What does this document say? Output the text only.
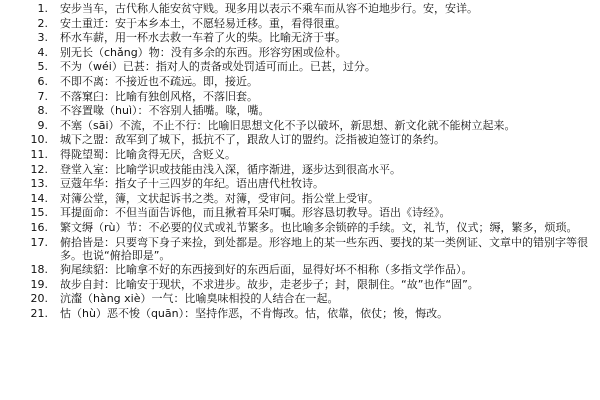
1. 安步当车，古代称人能安贫守贱。现多用以表示不乘车而从容不迫地步行。安，安详。
2. 安土重迁：安于本乡本土，不愿轻易迁移。重，看得很重。
3. 杯水车薪，用一杯水去救一车着了火的柴。比喻无济于事。
4. 别无长（chǎng）物：没有多余的东西。形容穷困或俭朴。
5. 不为（wéi）已甚：指对人的责备或处罚适可而止。已甚，过分。
6. 不即不离：不接近也不疏远。即，接近。
7. 不落窠臼：比喻有独创风格，不落旧套。
8. 不容置喙（huì）：不容别人插嘴。喙，嘴。
9. 不塞（sāi）不流，不止不行：比喻旧思想文化不予以破坏，新思想、新文化就不能树立起来。
10. 城下之盟：敌军到了城下，抵抗不了，跟敌人订的盟约。泛指被迫签订的条约。
11. 得陇望蜀：比喻贪得无厌，含贬义。
12. 登堂入室：比喻学识或技能由浅入深，循序渐进，逐步达到很高水平。
13. 豆蔻年华：指女子十三四岁的年纪。语出唐代杜牧诗。
14. 对簿公堂，簿，文状起诉书之类。对簿，受审问。指公堂上受审。
15. 耳提面命：不但当面告诉他，而且揪着耳朵叮嘱。形容恳切教导。语出《诗经》。
16. 繁文缛（rù）节：不必要的仪式或礼节繁多。也比喻多余锁碎的手续。文，礼节，仪式；缛，繁多，烦琐。
17. 俯拾皆是：只要弯下身子来捡，到处都是。形容地上的某一些东西、要找的某一类例证、文章中的错别字等很多。也说“俯拾即是”。
18. 狗尾续貂：比喻拿不好的东西接到好的东西后面，显得好坏不相称（多指文学作品）。
19. 故步自封：比喻安于现状，不求进步。故步，走老步子；封，限制住。“故”也作“固”。
20. 沆瀣（hàng xiè）一气：比喻臭味相投的人结合在一起。
21. 怙（hù）恶不悛（quān）：坚持作恶，不肯悔改。怙，依靠，依仗；悛，悔改。
